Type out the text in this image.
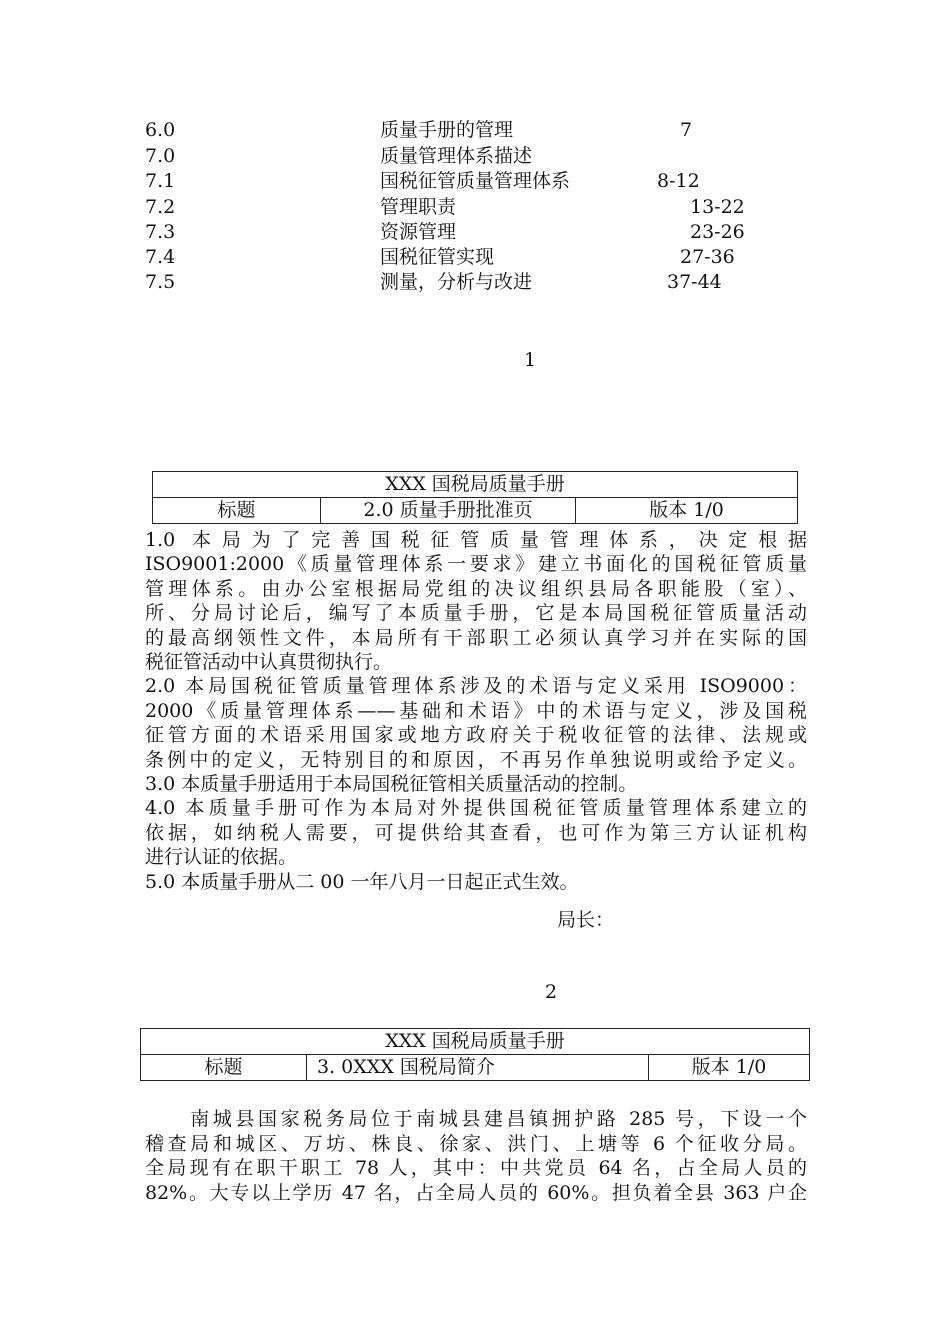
6.0	质量手册的管理	7
7.0	质量管理体系描述
7.1	国税征管质量管理体系	8-12
7.2	管理职责	13-22
7.3	资源管理	23-26
7.4	国税征管实现	27-36
7.5	测量，分析与改进	37-44
1
XXX 国税局质量手册
标题	2.0 质量手册批准页	版本 1/0
1.0 本局为了完善国税征管质量管理体系，决定根据
ISO9001:2000《质量管理体系一要求》建立书面化的国税征管质量
管理体系。由办公室根据局党组的决议组织县局各职能股（室）、
所、分局讨论后，编写了本质量手册，它是本局国税征管质量活动
的最高纲领性文件，本局所有干部职工必须认真学习并在实际的国
税征管活动中认真贯彻执行。
2.0 本局国税征管质量管理体系涉及的术语与定义采用 ISO9000：
2000《质量管理体系——基础和术语》中的术语与定义，涉及国税
征管方面的术语采用国家或地方政府关于税收征管的法律、法规或
条例中的定义，无特别目的和原因，不再另作单独说明或给予定义。
3.0 本质量手册适用于本局国税征管相关质量活动的控制。
4.0 本质量手册可作为本局对外提供国税征管质量管理体系建立的
依据，如纳税人需要，可提供给其查看，也可作为第三方认证机构
进行认证的依据。
5.0 本质量手册从二 00 一年八月一日起正式生效。
局长：
2
XXX 国税局质量手册
标题	3. 0XXX 国税局简介	版本 1/0
　　南城县国家税务局位于南城县建昌镇拥护路 285 号，下设一个
稽查局和城区、万坊、株良、徐家、洪门、上塘等 6 个征收分局。
全局现有在职干职工 78 人，其中：中共党员 64 名，占全局人员的
82%。大专以上学历 47 名，占全局人员的 60%。担负着全县 363 户企
